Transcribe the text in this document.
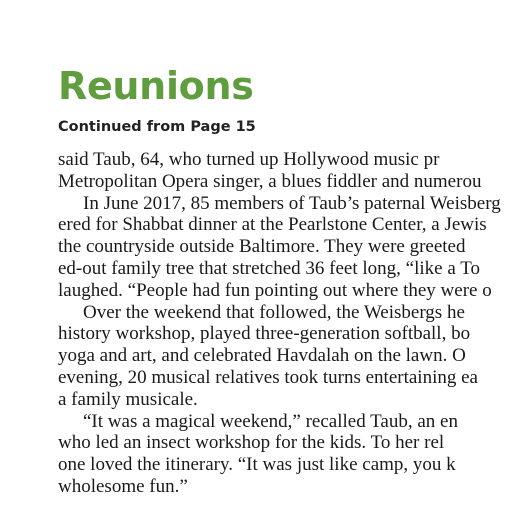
Reunions

Continued from Page 15

said Taub, 64, who turned up Hollywood music pr
Metropolitan Opera singer, a blues fiddler and numerou
In June 2017, 85 members of Taub’s paternal Weisberg
ered for Shabbat dinner at the Pearlstone Center, a Jewis
the countryside outside Baltimore. They were greeted
ed-out family tree that stretched 36 feet long, “like a To
laughed. “People had fun pointing out where they were o
Over the weekend that followed, the Weisbergs he
history workshop, played three-generation softball, bo
yoga and art, and celebrated Havdalah on the lawn. O
evening, 20 musical relatives took turns entertaining ea
a family musicale.
“It was a magical weekend,” recalled Taub, an en
who led an insect workshop for the kids. To her rel
one loved the itinerary. “It was just like camp, you k
wholesome fun.”
